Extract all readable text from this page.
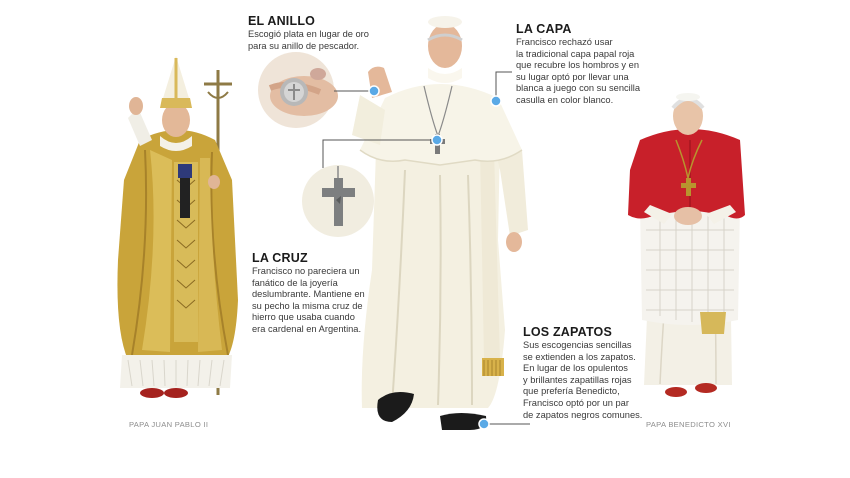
EL ANILLO
Escogió plata en lugar de oro
para su anillo de pescador.
LA CAPA
Francisco rechazó usar
la tradicional capa papal roja
que recubre los hombros y en
su lugar optó por llevar una
blanca a juego con su sencilla
casulla en color blanco.
LA CRUZ
Francisco no pareciera un
fanático de la joyería
deslumbrante. Mantiene en
su pecho la misma cruz de
hierro que usaba cuando
era cardenal en Argentina.	LOS ZAPATOS
Sus escogencias sencillas
se extienden a los zapatos.
En lugar de los opulentos
y brillantes zapatillas rojas
que prefería Benedicto,
Francisco optó por un par
de zapatos negros comunes.
PAPA JUAN PABLO II	PAPA BENEDICTO XVI
